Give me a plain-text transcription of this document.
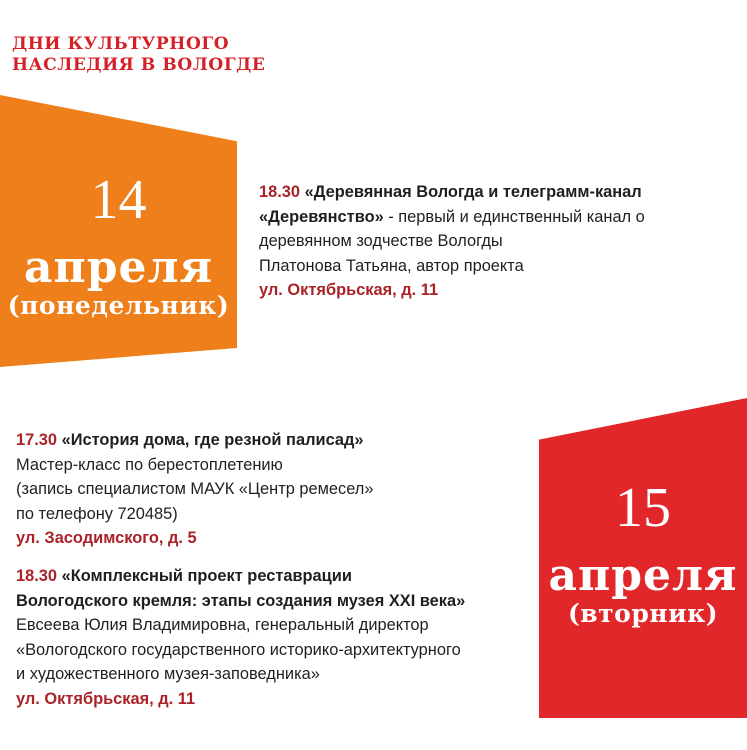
ДНИ КУЛЬТУРНОГО
НАСЛЕДИЯ В ВОЛОГДЕ
14
апреля
(понедельник)
15
апреля
(вторник)
18.30 «Деревянная Вологда и телеграмм-канал
«Деревянство» - первый и единственный канал о
деревянном зодчестве Вологды
Платонова Татьяна, автор проекта
ул. Октябрьская, д. 11
17.30 «История дома, где резной палисад»
Мастер-класс по берестоплетению
(запись специалистом МАУК «Центр ремесел»
по телефону 720485)
ул. Засодимского, д. 5
18.30 «Комплексный проект реставрации
Вологодского кремля: этапы создания музея XXI века»
Евсеева Юлия Владимировна, генеральный директор
«Вологодского государственного историко-архитектурного
и художественного музея-заповедника»
ул. Октябрьская, д. 11
